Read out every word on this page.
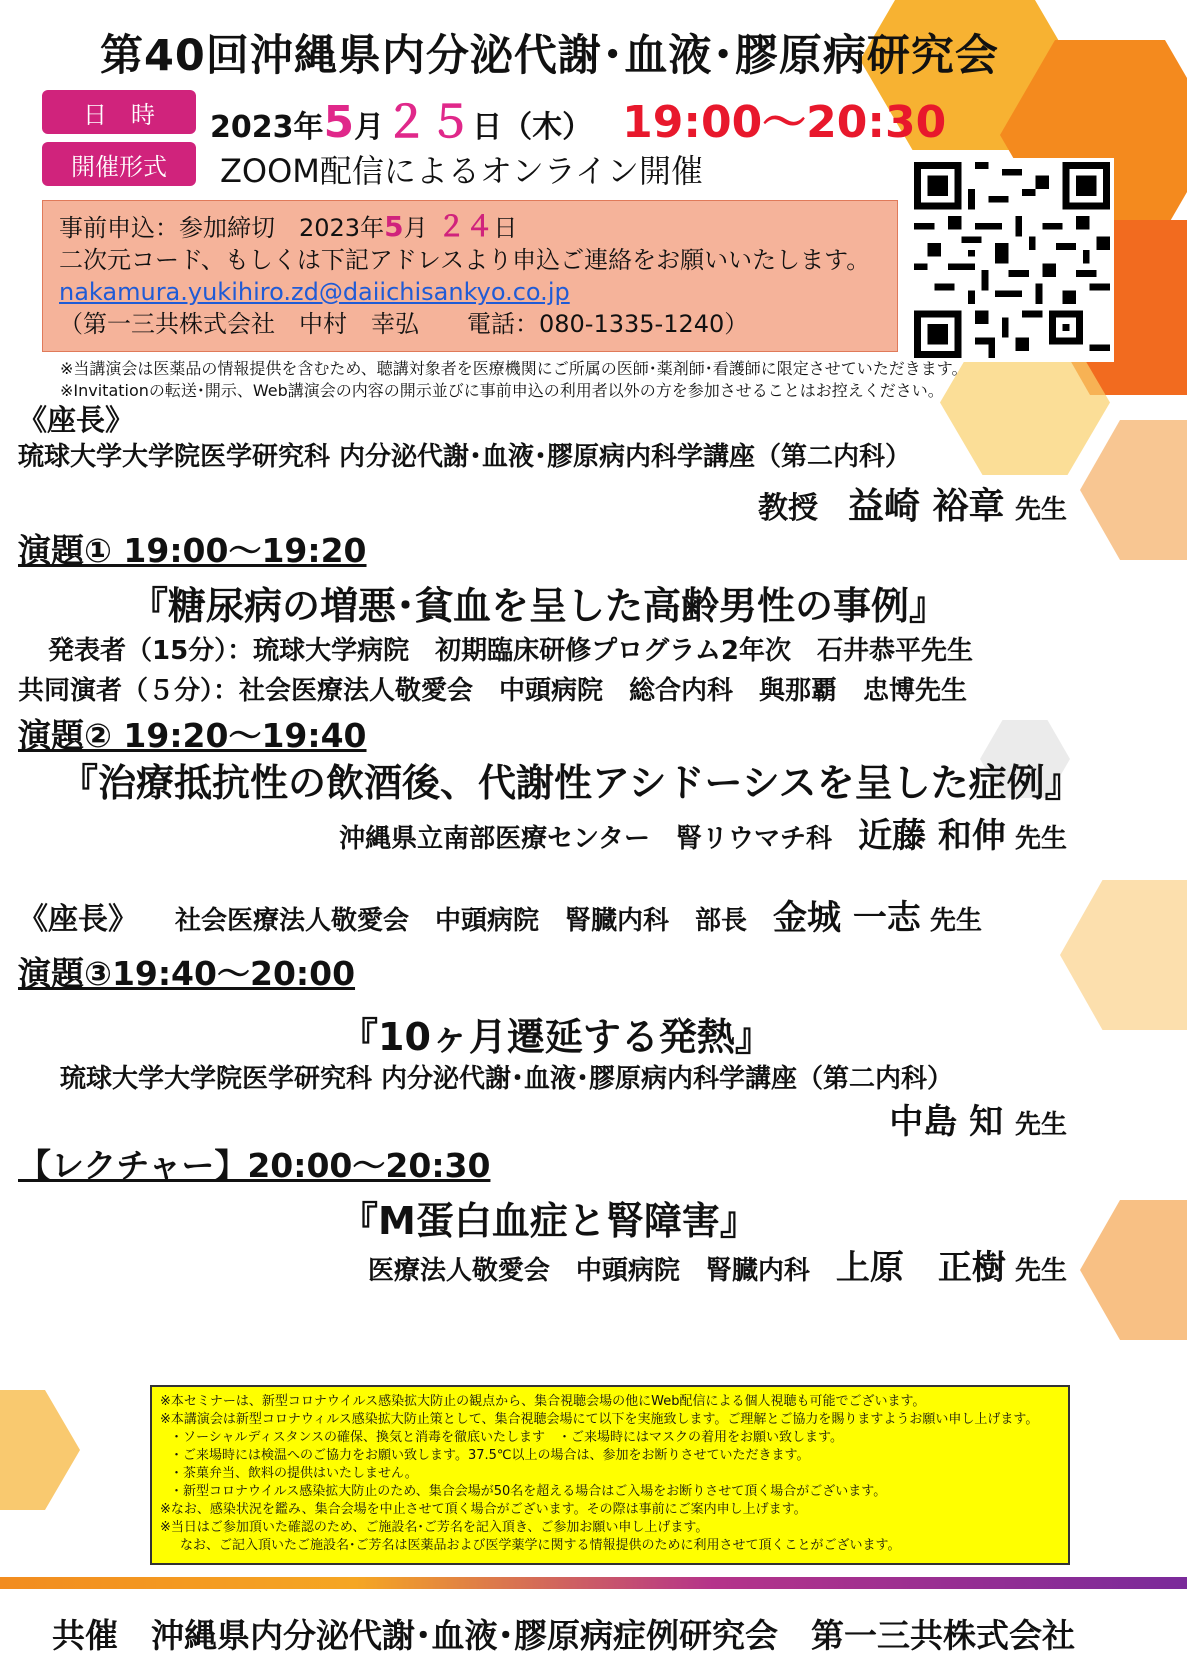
第40回沖縄県内分泌代謝･血液･膠原病研究会
日　時
開催形式
2023年5月２５日（木） 19:00～20:30
ZOOM配信によるオンライン開催
事前申込：参加締切　2023年5月 ２４日
二次元コード、もしくは下記アドレスより申込ご連絡をお願いいたします。
nakamura.yukihiro.zd@daiichisankyo.co.jp
（第一三共株式会社　中村　幸弘　　電話：080-1335-1240）
※当講演会は医薬品の情報提供を含むため、聴講対象者を医療機関にご所属の医師･薬剤師･看護師に限定させていただきます。
※Invitationの転送･開示、Web講演会の内容の開示並びに事前申込の利用者以外の方を参加させることはお控えください。
《座長》
琉球大学大学院医学研究科 内分泌代謝･血液･膠原病内科学講座（第二内科）
教授　 益崎 裕章 先生
演題① 19:00～19:20
『糖尿病の増悪･貧血を呈した高齢男性の事例』
発表者（15分）：琉球大学病院　初期臨床研修プログラム2年次　石井恭平先生
共同演者（５分）：社会医療法人敬愛会　中頭病院　総合内科　與那覇　忠博先生
演題② 19:20～19:40
『治療抵抗性の飲酒後、代謝性アシドーシスを呈した症例』
沖縄県立南部医療センター　腎リウマチ科　 近藤 和伸 先生
《座長》　　 社会医療法人敬愛会　中頭病院　腎臓内科　部長　 金城 一志 先生
演題③19:40～20:00
『10ヶ月遷延する発熱』
琉球大学大学院医学研究科 内分泌代謝･血液･膠原病内科学講座（第二内科）
中島 知 先生
【レクチャー】20:00～20:30
『M蛋白血症と腎障害』
医療法人敬愛会　中頭病院　腎臓内科　 上原　正樹 先生
※本セミナーは、新型コロナウイルス感染拡大防止の観点から、集合視聴会場の他にWeb配信による個人視聴も可能でございます。
※本講演会は新型コロナウィルス感染拡大防止策として、集合視聴会場にて以下を実施致します。ご理解とご協力を賜りますようお願い申し上げます。
・ソーシャルディスタンスの確保、換気と消毒を徹底いたします　・ご来場時にはマスクの着用をお願い致します。
・ご来場時には検温へのご協力をお願い致します。37.5℃以上の場合は、参加をお断りさせていただきます。
・茶菓弁当、飲料の提供はいたしません。
・新型コロナウイルス感染拡大防止のため、集合会場が50名を超える場合はご入場をお断りさせて頂く場合がございます。
※なお、感染状況を鑑み、集合会場を中止させて頂く場合がございます。その際は事前にご案内申し上げます。
※当日はご参加頂いた確認のため、ご施設名･ご芳名を記入頂き、ご参加お願い申し上げます。
なお、ご記入頂いたご施設名･ご芳名は医薬品および医学薬学に関する情報提供のために利用させて頂くことがございます。
共催　沖縄県内分泌代謝･血液･膠原病症例研究会　第一三共株式会社
